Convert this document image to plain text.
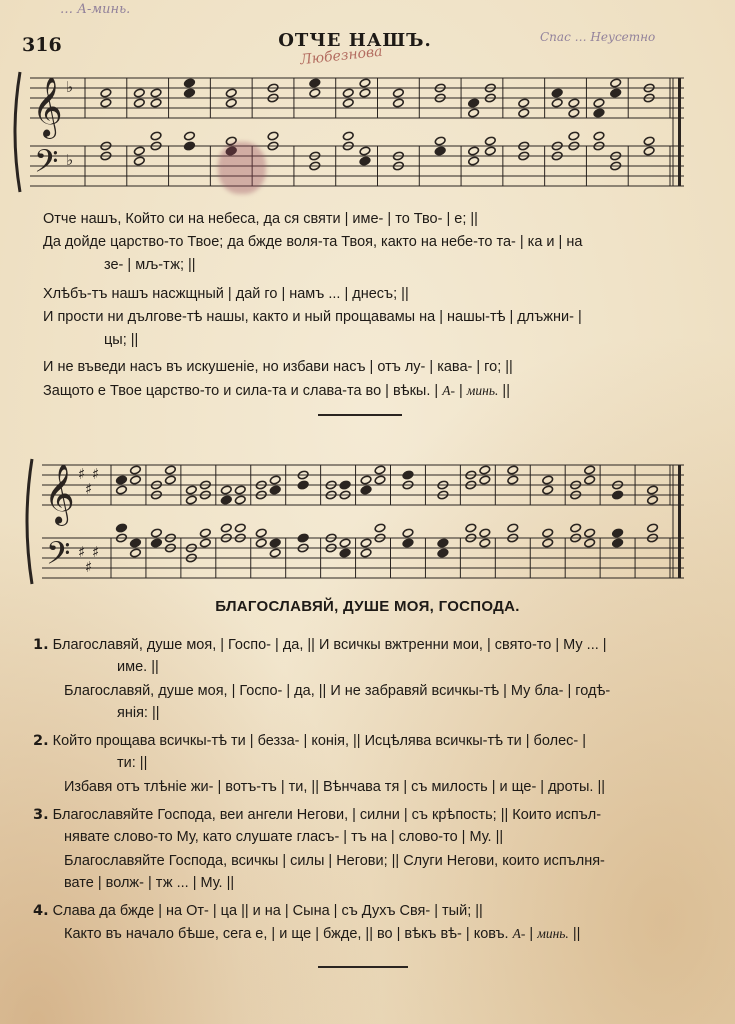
… А-минь.
Спас … Неусетно
316	ОТЧЕ НАШЪ.
Любезнова
𝄞
𝄢
♭
♭
Отче нашъ, Който си на небеса, да ся святи | име- | то Тво- | е; ||
Да дойде царство-то Твое; да бжде воля-та Твоя, както на небе-то та- | ка и | на
зе- | мљ-тж; ||
Хлѣбъ-тъ нашъ насжщный | дай го | намъ ... | днесъ; ||
И прости ни дълговe-тѣ нашы, както и ный прощавамы на | нашы-тѣ | длъжни- |
цы; ||
И не въведи насъ въ искушеніе, но избави насъ | отъ лу- | кава- | го; ||
Защото е Твое царство-то и сила-та и слава-та во | вѣкы. | А- | минь. ||
𝄞
𝄢
♯
♯
♯
♯
♯
♯
БЛАГОСЛАВЯЙ, ДУШЕ МОЯ, ГОСПОДА.
1. Благославяй, душе моя, | Госпо- | да, || И всичкы вжтренни мои, | свято-то | Му ... |
име. ||
Благославяй, душе моя, | Госпо- | да, || И не забравяй всичкы-тѣ | Му бла- | годѣ-
янія: ||
2. Който прощава всичкы-тѣ ти | безза- | конія, || Исцѣлява всичкы-тѣ ти | болес- |
ти: ||
Избавя отъ тлѣніе жи- | вотъ-тъ | ти, || Вѣнчава тя | съ милость | и ще- | дроты. ||
3. Благославяйте Господа, веи ангели Негови, | силни | съ крѣпость; || Които испъл-
нявате слово-то Му, като слушате гласъ- | тъ на | слово-то | Му. ||
Благославяйте Господа, всичкы | силы | Негови; || Слуги Негови, които испълня-
вате | волж- | тж ... | Му. ||
4. Слава да бжде | на От- | ца || и на | Сына | съ Духъ Свя- | тый; ||
Както въ начало бѣше, сега е, | и ще | бжде, || во | вѣкъ вѣ- | ковъ. А- | минь. ||
